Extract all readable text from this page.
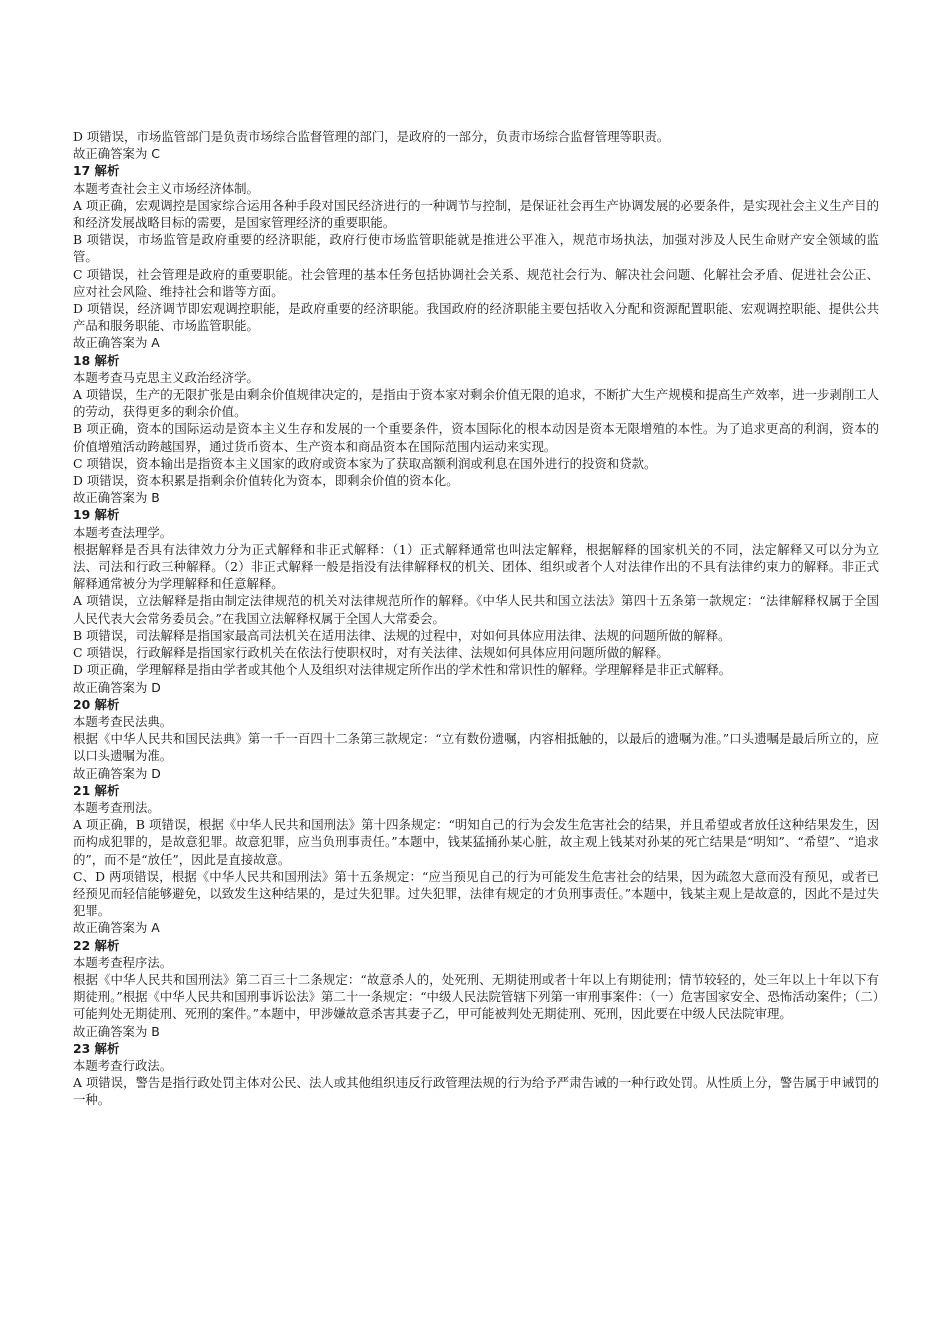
D 项错误，市场监管部门是负责市场综合监督管理的部门，是政府的一部分，负责市场综合监督管理等职责。

故正确答案为 C

17 解析

本题考查社会主义市场经济体制。

A 项正确，宏观调控是国家综合运用各种手段对国民经济进行的一种调节与控制，是保证社会再生产协调发展的必要条件，是实现社会主义生产目的和经济发展战略目标的需要，是国家管理经济的重要职能。

B 项错误，市场监管是政府重要的经济职能，政府行使市场监管职能就是推进公平准入，规范市场执法，加强对涉及人民生命财产安全领域的监管。

C 项错误，社会管理是政府的重要职能。社会管理的基本任务包括协调社会关系、规范社会行为、解决社会问题、化解社会矛盾、促进社会公正、应对社会风险、维持社会和谐等方面。

D 项错误，经济调节即宏观调控职能，是政府重要的经济职能。我国政府的经济职能主要包括收入分配和资源配置职能、宏观调控职能、提供公共产品和服务职能、市场监管职能。

故正确答案为 A

18 解析

本题考查马克思主义政治经济学。

A 项错误，生产的无限扩张是由剩余价值规律决定的，是指由于资本家对剩余价值无限的追求，不断扩大生产规模和提高生产效率，进一步剥削工人的劳动，获得更多的剩余价值。

B 项正确，资本的国际运动是资本主义生存和发展的一个重要条件，资本国际化的根本动因是资本无限增殖的本性。为了追求更高的利润，资本的价值增殖活动跨越国界，通过货币资本、生产资本和商品资本在国际范围内运动来实现。

C 项错误，资本输出是指资本主义国家的政府或资本家为了获取高额利润或利息在国外进行的投资和贷款。

D 项错误，资本积累是指剩余价值转化为资本，即剩余价值的资本化。

故正确答案为 B

19 解析

本题考查法理学。

根据解释是否具有法律效力分为正式解释和非正式解释：（1）正式解释通常也叫法定解释，根据解释的国家机关的不同，法定解释又可以分为立法、司法和行政三种解释。（2）非正式解释一般是指没有法律解释权的机关、团体、组织或者个人对法律作出的不具有法律约束力的解释。非正式解释通常被分为学理解释和任意解释。

A 项错误，立法解释是指由制定法律规范的机关对法律规范所作的解释。《中华人民共和国立法法》第四十五条第一款规定：“法律解释权属于全国人民代表大会常务委员会。”在我国立法解释权属于全国人大常委会。

B 项错误，司法解释是指国家最高司法机关在适用法律、法规的过程中，对如何具体应用法律、法规的问题所做的解释。

C 项错误，行政解释是指国家行政机关在依法行使职权时，对有关法律、法规如何具体应用问题所做的解释。

D 项正确，学理解释是指由学者或其他个人及组织对法律规定所作出的学术性和常识性的解释。学理解释是非正式解释。

故正确答案为 D

20 解析

本题考查民法典。

根据《中华人民共和国民法典》第一千一百四十二条第三款规定：“立有数份遗嘱，内容相抵触的，以最后的遗嘱为准。”口头遗嘱是最后所立的，应以口头遗嘱为准。

故正确答案为 D

21 解析

本题考查刑法。

A 项正确，B 项错误，根据《中华人民共和国刑法》第十四条规定：“明知自己的行为会发生危害社会的结果，并且希望或者放任这种结果发生，因而构成犯罪的，是故意犯罪。故意犯罪，应当负刑事责任。”本题中，钱某猛捅孙某心脏，故主观上钱某对孙某的死亡结果是“明知”、“希望”、“追求的”，而不是“放任”，因此是直接故意。

C、D 两项错误，根据《中华人民共和国刑法》第十五条规定：“应当预见自己的行为可能发生危害社会的结果，因为疏忽大意而没有预见，或者已经预见而轻信能够避免，以致发生这种结果的，是过失犯罪。过失犯罪，法律有规定的才负刑事责任。”本题中，钱某主观上是故意的，因此不是过失犯罪。

故正确答案为 A

22 解析

本题考查程序法。

根据《中华人民共和国刑法》第二百三十二条规定：“故意杀人的，处死刑、无期徒刑或者十年以上有期徒刑；情节较轻的，处三年以上十年以下有期徒刑。”根据《中华人民共和国刑事诉讼法》第二十一条规定：“中级人民法院管辖下列第一审刑事案件：（一）危害国家安全、恐怖活动案件；（二）可能判处无期徒刑、死刑的案件。”本题中，甲涉嫌故意杀害其妻子乙，甲可能被判处无期徒刑、死刑，因此要在中级人民法院审理。

故正确答案为 B

23 解析

本题考查行政法。

A 项错误，警告是指行政处罚主体对公民、法人或其他组织违反行政管理法规的行为给予严肃告诫的一种行政处罚。从性质上分，警告属于申诫罚的一种。
